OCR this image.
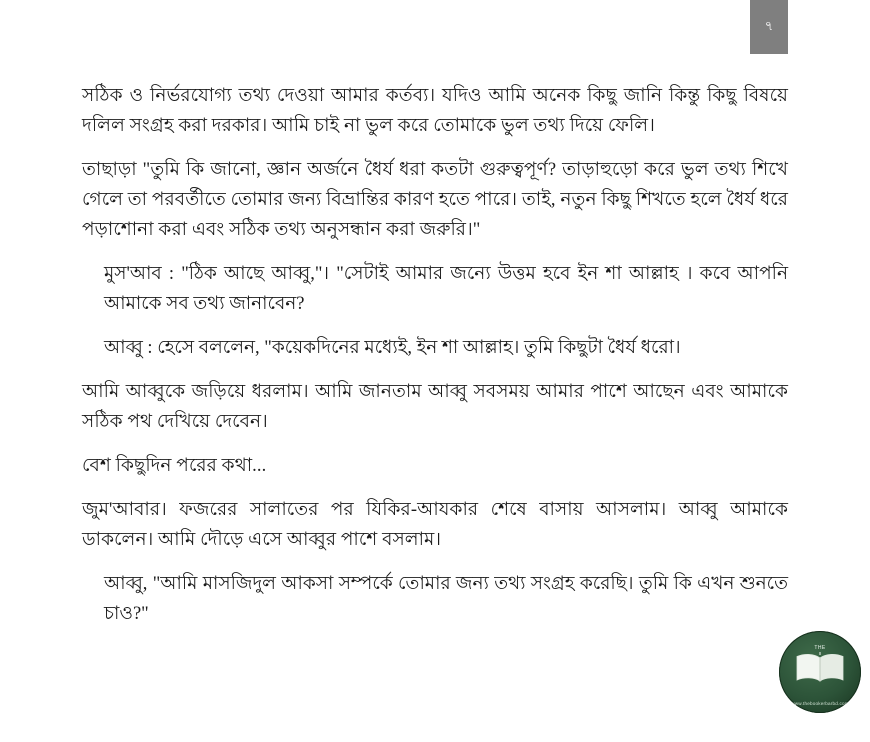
৭

সঠিক ও নির্ভরযোগ্য তথ্য দেওয়া আমার কর্তব্য। যদিও আমি অনেক কিছু জানি কিন্তু কিছু বিষয়ে দলিল সংগ্রহ করা দরকার। আমি চাই না ভুল করে তোমাকে ভুল তথ্য দিয়ে ফেলি।

তাছাড়া "তুমি কি জানো, জ্ঞান অর্জনে ধৈর্য ধরা কতটা গুরুত্বপূর্ণ? তাড়াহুড়ো করে ভুল তথ্য শিখে গেলে তা পরবর্তীতে তোমার জন্য বিভ্রান্তির কারণ হতে পারে। তাই, নতুন কিছু শিখতে হলে ধৈর্য ধরে পড়াশোনা করা এবং সঠিক তথ্য অনুসন্ধান করা জরুরি।"

মুস'আব : "ঠিক আছে আব্বু,"। "সেটাই আমার জন্যে উত্তম হবে ইন শা আল্লাহ । কবে আপনি আমাকে সব তথ্য জানাবেন?

আব্বু : হেসে বললেন, "কয়েকদিনের মধ্যেই, ইন শা আল্লাহ। তুমি কিছুটা ধৈর্য ধরো।

আমি আব্বুকে জড়িয়ে ধরলাম। আমি জানতাম আব্বু সবসময় আমার পাশে আছেন এবং আমাকে সঠিক পথ দেখিয়ে দেবেন।

বেশ কিছুদিন পরের কথা...

জুম'আবার। ফজরের সালাতের পর যিকির-আযকার শেষে বাসায় আসলাম। আব্বু আমাকে ডাকলেন। আমি দৌড়ে এসে আব্বুর পাশে বসলাম।

আব্বু, "আমি মাসজিদুল আকসা সম্পর্কে তোমার জন্য তথ্য সংগ্রহ করেছি। তুমি কি এখন শুনতে চাও?"

THE
www.thebookerbarbd.com
